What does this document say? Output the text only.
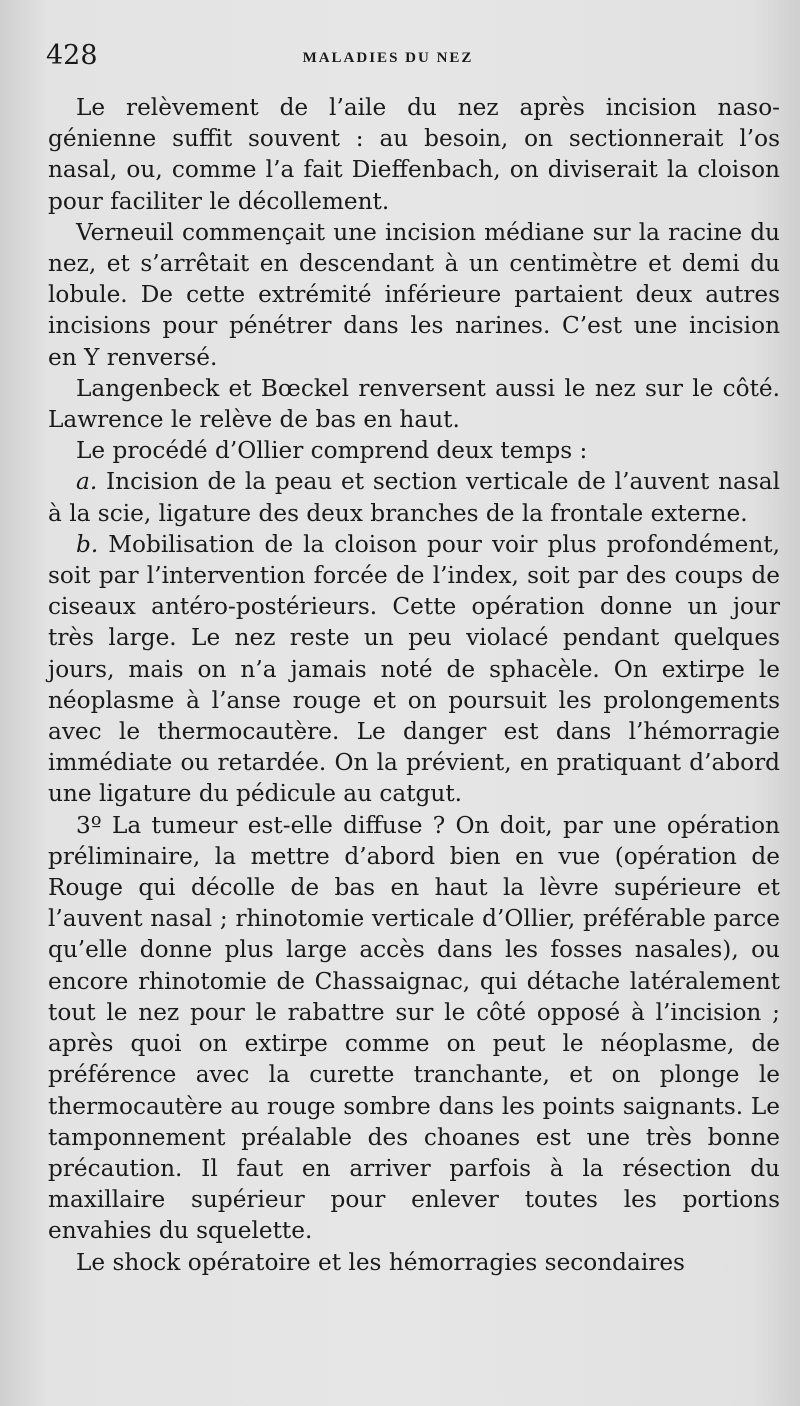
428	MALADIES DU NEZ

Le relèvement de l’aile du nez après incision naso-génienne suffit souvent : au besoin, on sectionnerait l’os nasal, ou, comme l’a fait Dieffenbach, on diviserait la cloison pour faciliter le décollement.

Verneuil commençait une incision médiane sur la racine du nez, et s’arrêtait en descendant à un centimètre et demi du lobule. De cette extrémité inférieure partaient deux autres incisions pour pénétrer dans les narines. C’est une incision en Y renversé.

Langenbeck et Bœckel renversent aussi le nez sur le côté. Lawrence le relève de bas en haut.

Le procédé d’Ollier comprend deux temps :

a. Incision de la peau et section verticale de l’auvent nasal à la scie, ligature des deux branches de la frontale externe.

b. Mobilisation de la cloison pour voir plus profondément, soit par l’intervention forcée de l’index, soit par des coups de ciseaux antéro-postérieurs. Cette opération donne un jour très large. Le nez reste un peu violacé pendant quelques jours, mais on n’a jamais noté de sphacèle. On extirpe le néoplasme à l’anse rouge et on poursuit les prolongements avec le thermocautère. Le danger est dans l’hémorragie immédiate ou retardée. On la prévient, en pratiquant d’abord une ligature du pédicule au catgut.

3º La tumeur est-elle diffuse ? On doit, par une opération préliminaire, la mettre d’abord bien en vue (opération de Rouge qui décolle de bas en haut la lèvre supérieure et l’auvent nasal ; rhinotomie verticale d’Ollier, préférable parce qu’elle donne plus large accès dans les fosses nasales), ou encore rhinotomie de Chassaignac, qui détache latéralement tout le nez pour le rabattre sur le côté opposé à l’incision ; après quoi on extirpe comme on peut le néoplasme, de préférence avec la curette tranchante, et on plonge le thermocautère au rouge sombre dans les points saignants. Le tamponnement préalable des choanes est une très bonne précaution. Il faut en arriver parfois à la résection du maxillaire supérieur pour enlever toutes les portions envahies du squelette.

Le shock opératoire et les hémorragies secondaires
